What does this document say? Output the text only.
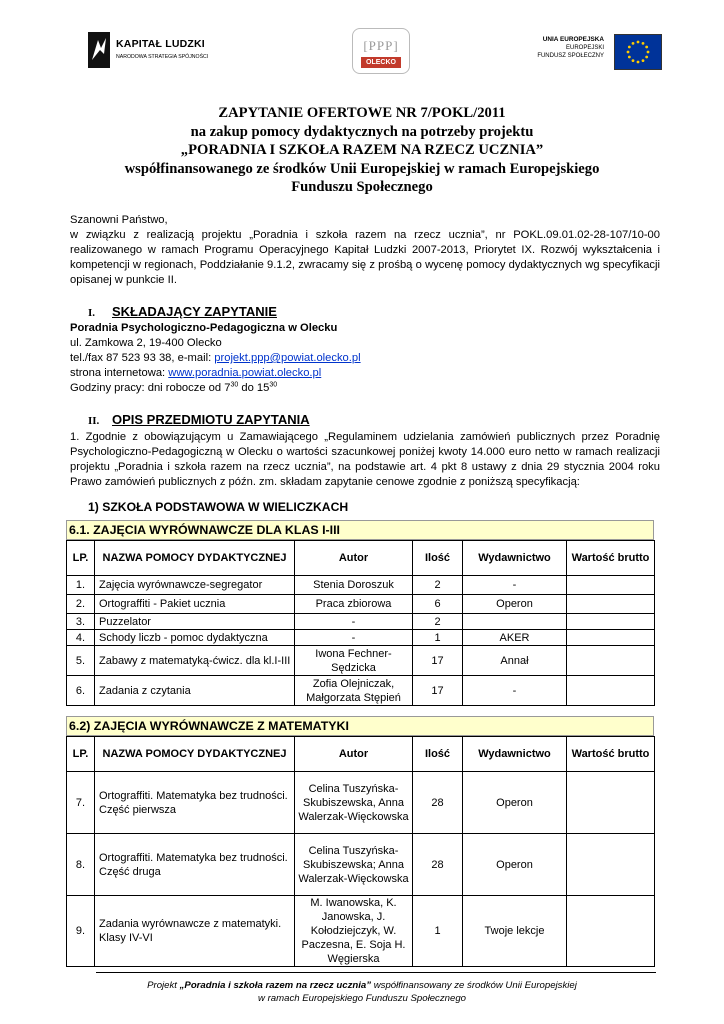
KAPITAŁ LUDZKI
NARODOWA STRATEGIA SPÓJNOŚCI
[PPP]
OLECKO
UNIA EUROPEJSKA
EUROPEJSKI
FUNDUSZ SPOŁECZNY
ZAPYTANIE OFERTOWE NR 7/POKL/2011
na zakup pomocy dydaktycznych na potrzeby projektu
„PORADNIA I SZKOŁA RAZEM NA RZECZ UCZNIA”
współfinansowanego ze środków Unii Europejskiej w ramach Europejskiego
Funduszu Społecznego

Szanowni Państwo,

w związku z realizacją projektu „Poradnia i szkoła razem na rzecz ucznia”, nr POKL.09.01.02-28-107/10-00 realizowanego w ramach Programu Operacyjnego Kapitał Ludzki 2007-2013, Priorytet IX. Rozwój wykształcenia i kompetencji w regionach, Poddziałanie 9.1.2, zwracamy się z prośbą o wycenę pomocy dydaktycznych wg specyfikacji opisanej w punkcie II.

I. SKŁADAJĄCY ZAPYTANIE
Poradnia Psychologiczno-Pedagogiczna w Olecku
ul. Zamkowa 2, 19-400 Olecko
tel./fax 87 523 93 38, e-mail: projekt.ppp@powiat.olecko.pl
strona internetowa: www.poradnia.powiat.olecko.pl
Godziny pracy: dni robocze od $7^{30}$ do $15^{30}$
II. OPIS PRZEDMIOTU ZAPYTANIA
1. Zgodnie z obowiązującym u Zamawiającego „Regulaminem udzielania zamówień publicznych przez Poradnię Psychologiczno-Pedagogiczną w Olecku o wartości szacunkowej poniżej kwoty 14.000 euro netto w ramach realizacji projektu „Poradnia i szkoła razem na rzecz ucznia”, na podstawie art. 4 pkt 8 ustawy z dnia 29 stycznia 2004 roku Prawo zamówień publicznych z późn. zm. składam zapytanie cenowe zgodnie z poniższą specyfikacją:
1) SZKOŁA PODSTAWOWA W WIELICZKACH
6.1. ZAJĘCIA WYRÓWNAWCZE DLA KLAS I-III
LP.	NAZWA POMOCY DYDAKTYCZNEJ	Autor	Ilość	Wydawnictwo	Wartość brutto
1.	Zajęcia wyrównawcze-segregator	Stenia Doroszuk	2	-	
2.	Ortograffiti - Pakiet ucznia	Praca zbiorowa	6	Operon	
3.	Puzzelator	-	2		
4.	Schody liczb - pomoc dydaktyczna	-	1	AKER	
5.	Zabawy z matematyką-ćwicz. dla kl.I-III	Iwona Fechner-Sędzicka	17	Annał	
6.	Zadania z czytania	Zofia Olejniczak, Małgorzata Stępień	17	-	
6.2) ZAJĘCIA WYRÓWNAWCZE Z MATEMATYKI
LP.	NAZWA POMOCY DYDAKTYCZNEJ	Autor	Ilość	Wydawnictwo	Wartość brutto
7.	Ortograffiti. Matematyka bez trudności. Część pierwsza	Celina Tuszyńska-Skubiszewska, Anna Walerzak-Więckowska	28	Operon	
8.	Ortograffiti. Matematyka bez trudności. Część druga	Celina Tuszyńska-Skubiszewska; Anna Walerzak-Więckowska	28	Operon	
9.	Zadania wyrównawcze z matematyki. Klasy IV-VI	M. Iwanowska, K. Janowska, J. Kołodziejczyk, W. Paczesna, E. Soja H. Węgierska	1	Twoje lekcje	
Projekt „Poradnia i szkoła razem na rzecz ucznia” współfinansowany ze środków Unii Europejskiej
w ramach Europejskiego Funduszu Społecznego
